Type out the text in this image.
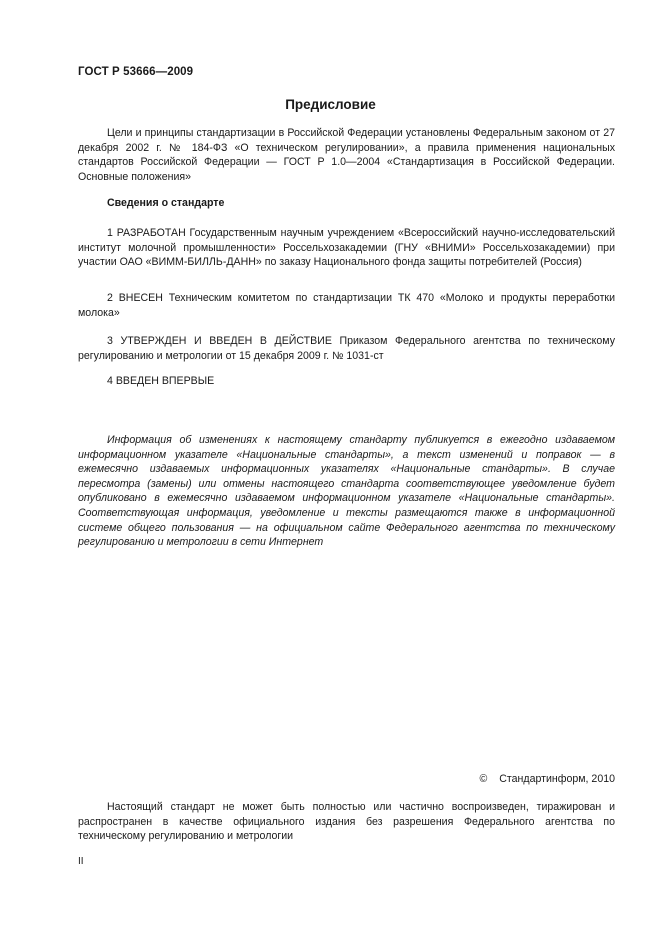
ГОСТ Р 53666—2009
Предисловие

Цели и принципы стандартизации в Российской Федерации установлены Федеральным законом от 27 декабря 2002 г. № 184-ФЗ «О техническом регулировании», а правила применения национальных стандартов Российской Федерации — ГОСТ Р 1.0—2004 «Стандартизация в Российской Федерации. Основные положения»

Сведения о стандарте

1 РАЗРАБОТАН Государственным научным учреждением «Всероссийский научно-исследовательский институт молочной промышленности» Россельхозакадемии (ГНУ «ВНИМИ» Россельхозакадемии) при участии ОАО «ВИММ-БИЛЛЬ-ДАНН» по заказу Национального фонда защиты потребителей (Россия)

2 ВНЕСЕН Техническим комитетом по стандартизации ТК 470 «Молоко и продукты переработки молока»

3 УТВЕРЖДЕН И ВВЕДЕН В ДЕЙСТВИЕ Приказом Федерального агентства по техническому регулированию и метрологии от 15 декабря 2009 г. № 1031-ст

4 ВВЕДЕН ВПЕРВЫЕ

Информация об изменениях к настоящему стандарту публикуется в ежегодно издаваемом информационном указателе «Национальные стандарты», а текст изменений и поправок — в ежемесячно издаваемых информационных указателях «Национальные стандарты». В случае пересмотра (замены) или отмены настоящего стандарта соответствующее уведомление будет опубликовано в ежемесячно издаваемом информационном указателе «Национальные стандарты». Соответствующая информация, уведомление и тексты размещаются также в информационной системе общего пользования — на официальном сайте Федерального агентства по техническому регулированию и метрологии в сети Интернет

© Стандартинформ, 2010

Настоящий стандарт не может быть полностью или частично воспроизведен, тиражирован и распространен в качестве официального издания без разрешения Федерального агентства по техническому регулированию и метрологии

II
